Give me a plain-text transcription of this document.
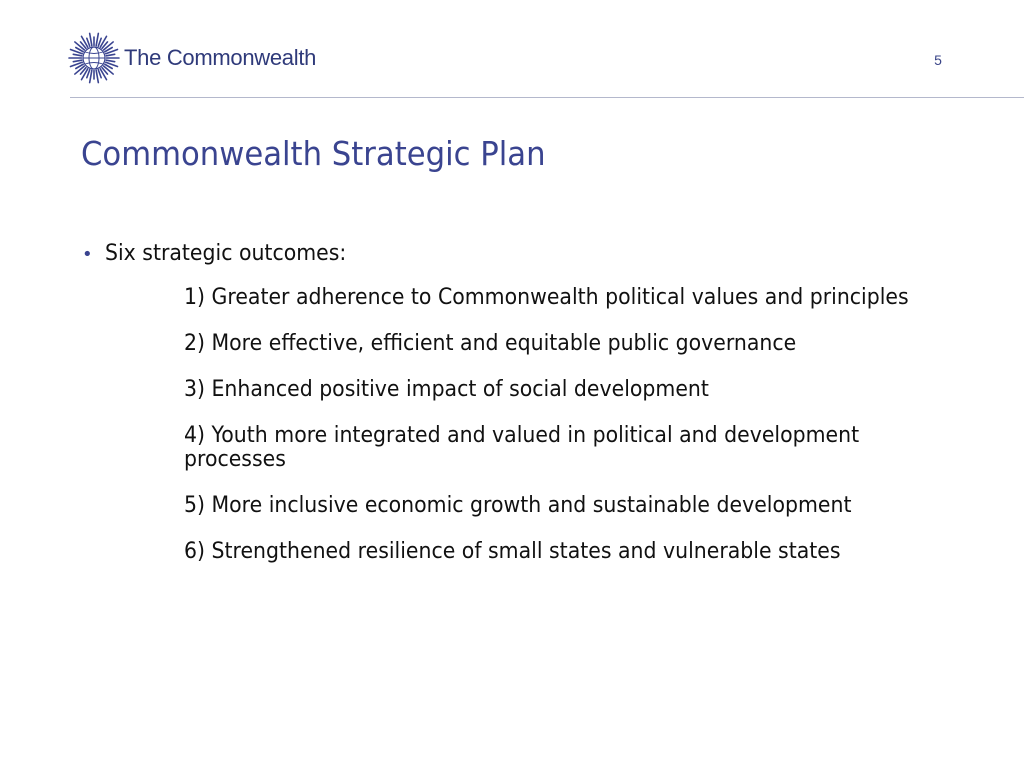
The Commonwealth	5
Commonwealth Strategic Plan
• Six strategic outcomes:
1) Greater adherence to Commonwealth political values and principles
2) More effective, efficient and equitable public governance
3) Enhanced positive impact of social development
4) Youth more integrated and valued in political and development processes
5) More inclusive economic growth and sustainable development
6) Strengthened resilience of small states and vulnerable states
